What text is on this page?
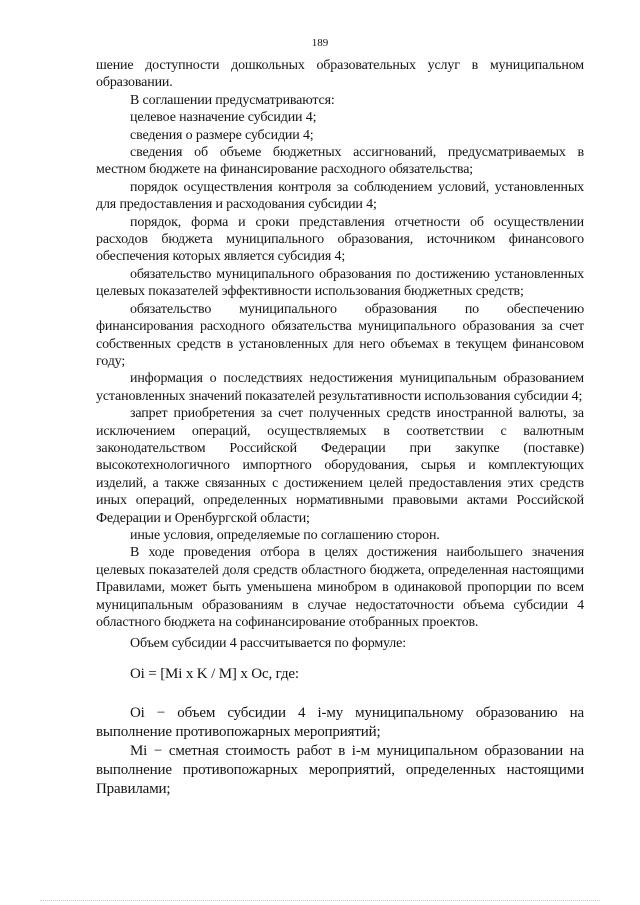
189

шение доступности дошкольных образовательных услуг в муниципальном образовании.

В соглашении предусматриваются:

целевое назначение субсидии 4;

сведения о размере субсидии 4;

сведения об объеме бюджетных ассигнований, предусматриваемых в местном бюджете на финансирование расходного обязательства;

порядок осуществления контроля за соблюдением условий, установленных для предоставления и расходования субсидии 4;

порядок, форма и сроки представления отчетности об осуществлении расходов бюджета муниципального образования, источником финансового обеспечения которых является субсидия 4;

обязательство муниципального образования по достижению установленных целевых показателей эффективности использования бюджетных средств;

обязательство муниципального образования по обеспечению финансирования расходного обязательства муниципального образования за счет собственных средств в установленных для него объемах в текущем финансовом году;

информация о последствиях недостижения муниципальным образованием установленных значений показателей результативности использования субсидии 4;

запрет приобретения за счет полученных средств иностранной валюты, за исключением операций, осуществляемых в соответствии с валютным законодательством Российской Федерации при закупке (поставке) высокотехнологичного импортного оборудования, сырья и комплектующих изделий, а также связанных с достижением целей предоставления этих средств иных операций, определенных нормативными правовыми актами Российской Федерации и Оренбургской области;

иные условия, определяемые по соглашению сторон.

В ходе проведения отбора в целях достижения наибольшего значения целевых показателей доля средств областного бюджета, определенная настоящими Правилами, может быть уменьшена минобром в одинаковой пропорции по всем муниципальным образованиям в случае недостаточности объема субсидии 4 областного бюджета на софинансирование отобранных проектов.

Объем субсидии 4 рассчитывается по формуле:

Oi = [Mi x K / M] x Oc, где:

Oi − объем субсидии 4 i-му муниципальному образованию на выполнение противопожарных мероприятий;

Mi − сметная стоимость работ в i-м муниципальном образовании на выполнение противопожарных мероприятий, определенных настоящими Правилами;
